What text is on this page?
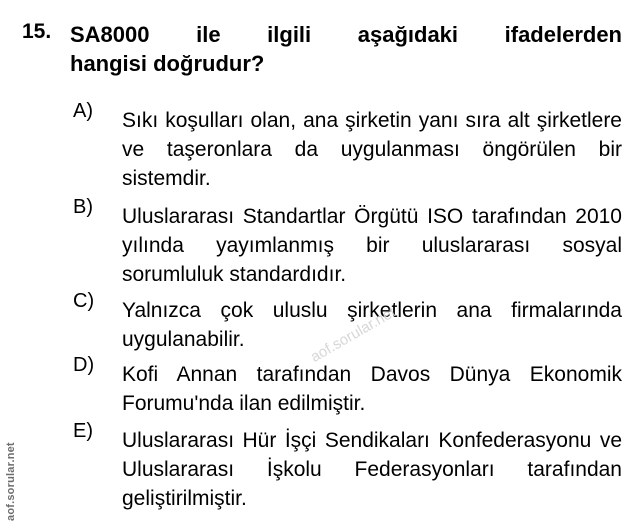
15. SA8000 ile ilgili aşağıdaki ifadelerden
hangisi doğrudur?
A) Sıkı koşulları olan, ana şirketin yanı sıra alt şirketlere ve taşeronlara da uygulanması öngörülen bir sistemdir.
B) Uluslararası Standartlar Örgütü ISO tarafından 2010 yılında yayımlanmış bir uluslararası sosyal sorumluluk standardıdır.
C) Yalnızca çok uluslu şirketlerin ana firmalarında uygulanabilir.
D) Kofi Annan tarafından Davos Dünya Ekonomik Forumu'nda ilan edilmiştir.
E) Uluslararası Hür İşçi Sendikaları Konfederasyonu ve Uluslararası İşkolu Federasyonları tarafından geliştirilmiştir.
aof.sorular.net
aof.sorular.net
